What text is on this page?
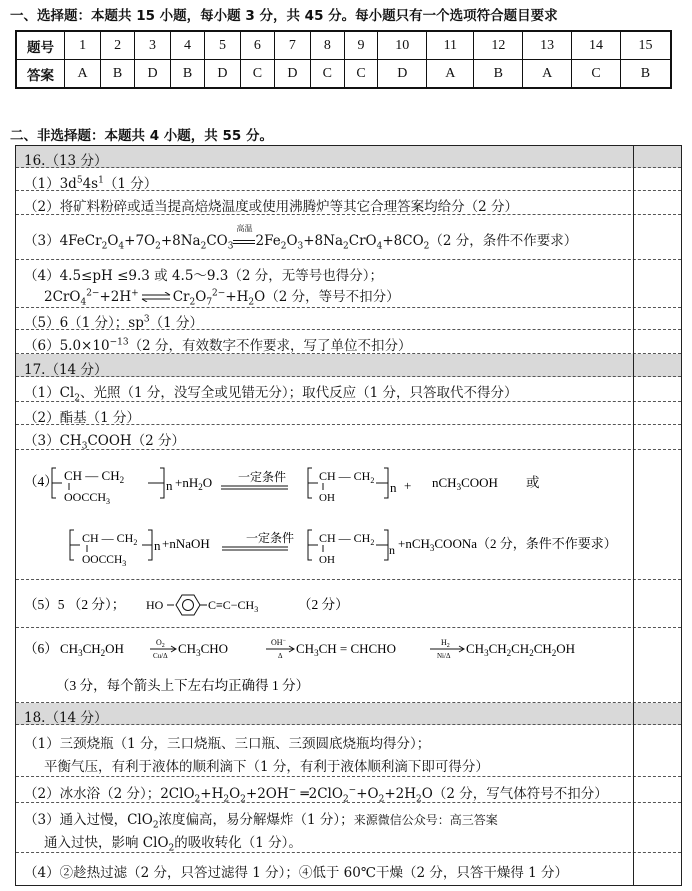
一、选择题：本题共 15 小题，每小题 3 分，共 45 分。每小题只有一个选项符合题目要求
题号	1	2	3	4	5	6	7	8	9	10	11	12	13	14	15
答案	A	B	D	B	D	C	D	C	C	D	A	B	A	C	B
二、非选择题：本题共 4 小题，共 55 分。
16.（13 分）
$(1)3d^54s^1(1$ 分）
（2）将矿料粉碎或适当提高焙烧温度或使用沸腾炉等其它合理答案均给分（2 分）
$(3)4FeCr_2O_4+7O_2+8Na_2CO_3$
高温
$2Fe_2O_3+8Na_2CrO_4+8CO_2(2$ 分，条件不作要求）
（4）4.5≤pH ≤9.3 或 4.5～9.3（2 分，无等号也得分）；
2CrO$_4^{2-}$+2H+ ⇌ $Cr_2O_7^{2-}+H_2O(2$ 分，等号不扣分）
（5）6（1 分）；$sp^3(1$ 分）
$(6)5.0\times 10^{-13}(2$ 分，有效数字不作要求，写了单位不扣分）
17.（14 分）
$(1)Cl_2$、光照（1 分，没写全或见错无分）；取代反应（1 分，只答取代不得分）
（2）酯基（1 分）
$(3)CH_3COOH(2$ 分）
（4） CH — $CH_2$
$OOCCH_3$
$n +nH_2O$ 一定条件	CH — $CH_2$
OH
n + nCH$_3$COOH 或
CH — $CH_2$
$OOCCH_3$
n +nNaOH	一定条件 CH — $CH_2$
OH
n +nCH$_3$COONa（2 分，条件不作要求）
（5）5 （2 分）； HO	$C\equiv C-CH_3$	（2 分）
（6） $CH_3CH_2OH$	$O_2$
Cu/Δ $CH_3CHO$	OH−
Δ $CH_3CH$ = CHCHO	$H_2$
Ni/Δ $CH_3CH_2CH_2CH_2OH$
（3 分，每个箭头上下左右均正确得 1 分）
18.（14 分）
（1）三颈烧瓶（1 分，三口烧瓶、三口瓶、三颈圆底烧瓶均得分）；
平衡气压，有利于液体的顺利滴下（1 分，有利于液体顺利滴下即可得分）
（2）冰水浴（2 分）；$2ClO_2+H_2O_2+2OH^-$ $═2ClO_2^-+O_2+2H_2O(2$ 分，写气体符号不扣分）
（3）通入过慢，ClO$_2$浓度偏高，易分解爆炸（1 分）；来源微信公众号：高三答案
通入过快，影响 ClO$_2$的吸收转化（1 分）。
（4）②趁热过滤（2 分，只答过滤得 1 分）；④低于 60℃干燥（2 分，只答干燥得 1 分）
